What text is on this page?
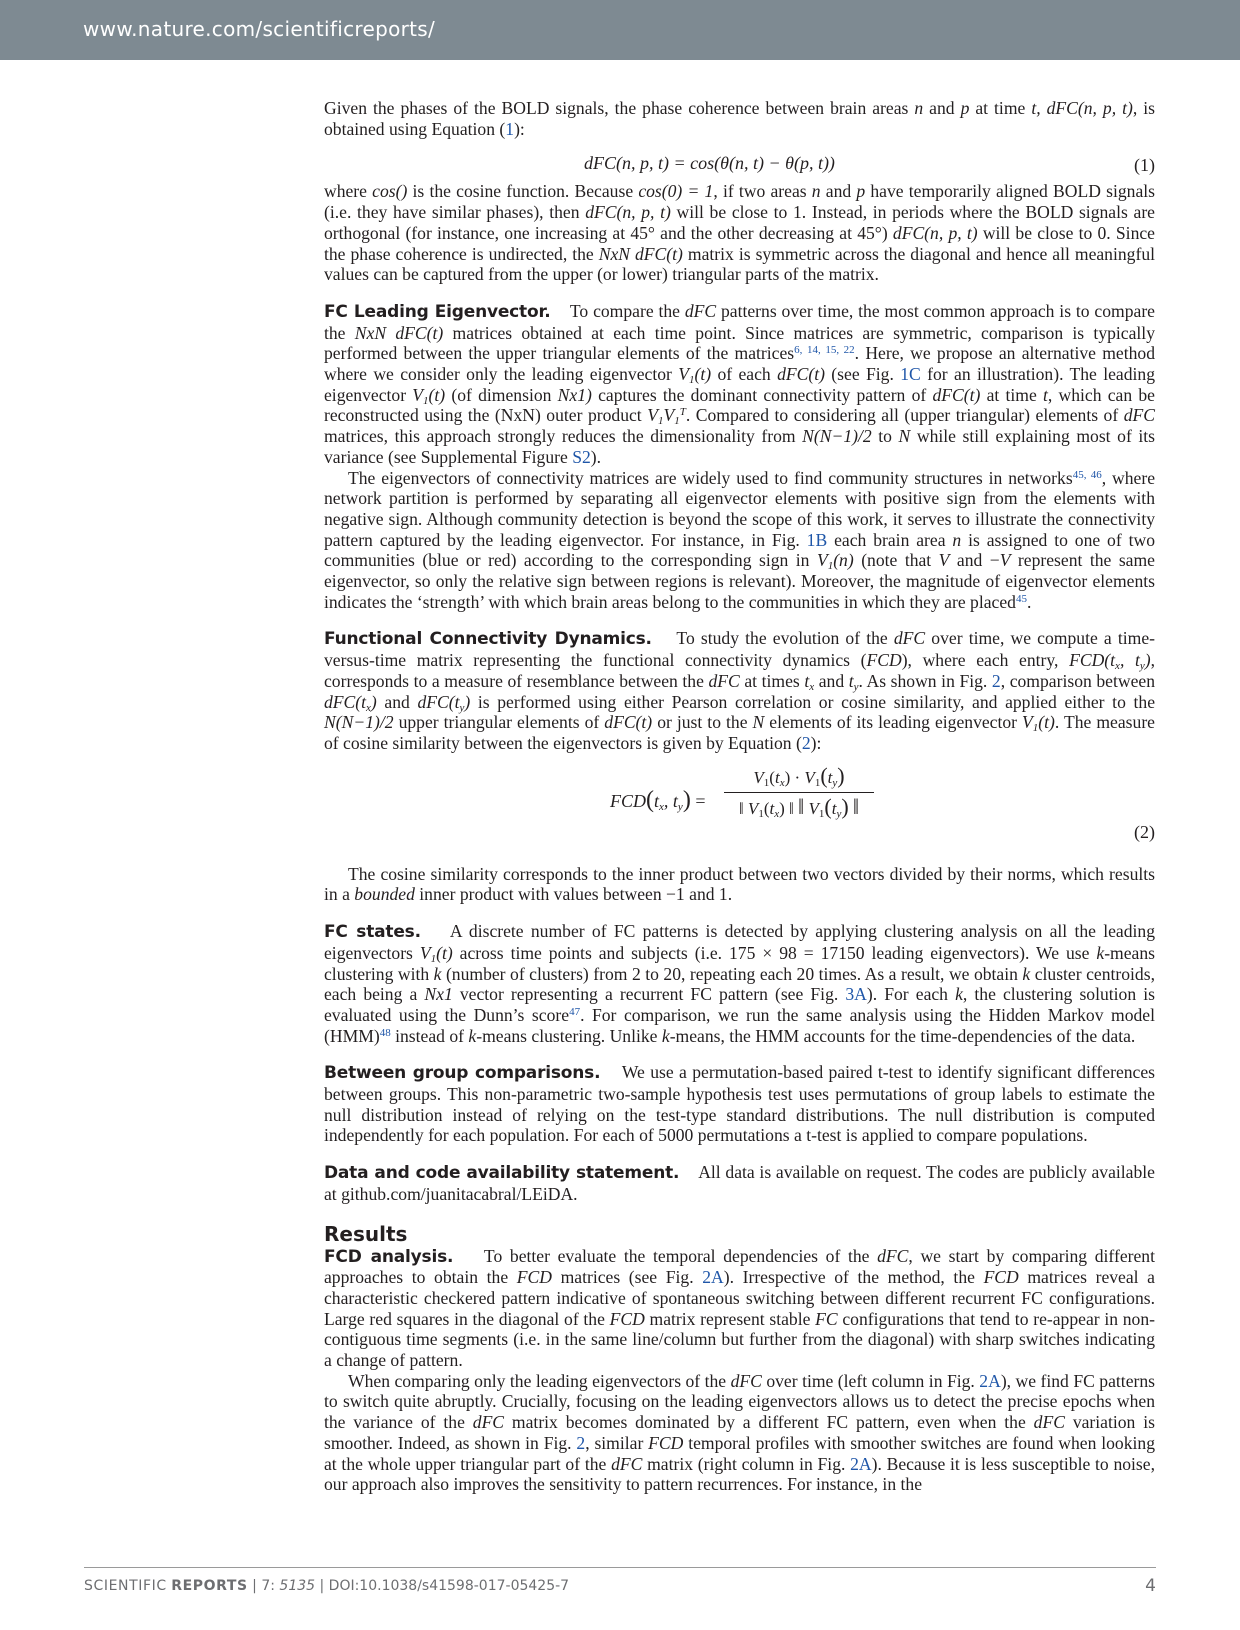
www.nature.com/scientificreports/

Given the phases of the BOLD signals, the phase coherence between brain areas n and p at time t, dFC(n, p, t), is obtained using Equation (1):

dFC(n, p, t) = cos(θ(n, t) − θ(p, t))	(1)

where cos() is the cosine function. Because cos(0) = 1, if two areas n and p have temporarily aligned BOLD signals (i.e. they have similar phases), then dFC(n, p, t) will be close to 1. Instead, in periods where the BOLD signals are orthogonal (for instance, one increasing at 45° and the other decreasing at 45°) dFC(n, p, t) will be close to 0. Since the phase coherence is undirected, the NxN dFC(t) matrix is symmetric across the diagonal and hence all meaningful values can be captured from the upper (or lower) triangular parts of the matrix.

FC Leading Eigenvector. To compare the dFC patterns over time, the most common approach is to compare the NxN dFC(t) matrices obtained at each time point. Since matrices are symmetric, comparison is typically performed between the upper triangular elements of the matrices$^{6, 14, 15, 22}$. Here, we propose an alternative method where we consider only the leading eigenvector $V_1(t)$ of each dFC(t) (see Fig. 1C for an illustration). The leading eigenvector $V_1(t)$ (of dimension Nx1) captures the dominant connectivity pattern of dFC(t) at time t, which can be reconstructed using the (NxN) outer product $V_1V_1^T$. Compared to considering all (upper triangular) elements of dFC matrices, this approach strongly reduces the dimensionality from N(N−1)/2 to N while still explaining most of its variance (see Supplemental Figure S2).

The eigenvectors of connectivity matrices are widely used to find community structures in networks$^{45, 46}$, where network partition is performed by separating all eigenvector elements with positive sign from the elements with negative sign. Although community detection is beyond the scope of this work, it serves to illustrate the connectivity pattern captured by the leading eigenvector. For instance, in Fig. 1B each brain area n is assigned to one of two communities (blue or red) according to the corresponding sign in $V_1(n)$ (note that V and −V represent the same eigenvector, so only the relative sign between regions is relevant). Moreover, the magnitude of eigenvector elements indicates the ‘strength’ with which brain areas belong to the communities in which they are placed$^{45}$.

Functional Connectivity Dynamics. To study the evolution of the dFC over time, we compute a time-versus-time matrix representing the functional connectivity dynamics (FCD), where each entry, $FCD(t_x$, $t_y$), corresponds to a measure of resemblance between the dFC at times $t_x$ and $t_y$. As shown in Fig. 2, comparison between $dFC(t_x)$ and $dFC(t_y)$ is performed using either Pearson correlation or cosine similarity, and applied either to the N(N−1)/2 upper triangular elements of dFC(t) or just to the N elements of its leading eigenvector $V_1(t)$. The measure of cosine similarity between the eigenvectors is given by Equation (2):

$FCD(t_x$, $t_y) = \frac{V_1(t_x) \cdot V_1(t_y)}{‖ V_1(t_x) ‖ ‖ V_1(t_y) ‖}$
(2)

The cosine similarity corresponds to the inner product between two vectors divided by their norms, which results in a bounded inner product with values between −1 and 1.

FC states. A discrete number of FC patterns is detected by applying clustering analysis on all the leading eigenvectors $V_1(t)$ across time points and subjects (i.e. 175 × 98 = 17150 leading eigenvectors). We use k-means clustering with k (number of clusters) from 2 to 20, repeating each 20 times. As a result, we obtain k cluster centroids, each being a Nx1 vector representing a recurrent FC pattern (see Fig. 3A). For each k, the clustering solution is evaluated using the Dunn’s score$^{47}$. For comparison, we run the same analysis using the Hidden Markov model (HMM)$^{48}$ instead of k-means clustering. Unlike k-means, the HMM accounts for the time-dependencies of the data.

Between group comparisons. We use a permutation-based paired t-test to identify significant differences between groups. This non-parametric two-sample hypothesis test uses permutations of group labels to estimate the null distribution instead of relying on the test-type standard distributions. The null distribution is computed independently for each population. For each of 5000 permutations a t-test is applied to compare populations.

Data and code availability statement. All data is available on request. The codes are publicly available at github.com/juanitacabral/LEiDA.

Results

FCD analysis. To better evaluate the temporal dependencies of the dFC, we start by comparing different approaches to obtain the FCD matrices (see Fig. 2A). Irrespective of the method, the FCD matrices reveal a characteristic checkered pattern indicative of spontaneous switching between different recurrent FC configurations. Large red squares in the diagonal of the FCD matrix represent stable FC configurations that tend to re-appear in non-contiguous time segments (i.e. in the same line/column but further from the diagonal) with sharp switches indicating a change of pattern.

When comparing only the leading eigenvectors of the dFC over time (left column in Fig. 2A), we find FC patterns to switch quite abruptly. Crucially, focusing on the leading eigenvectors allows us to detect the precise epochs when the variance of the dFC matrix becomes dominated by a different FC pattern, even when the dFC variation is smoother. Indeed, as shown in Fig. 2, similar FCD temporal profiles with smoother switches are found when looking at the whole upper triangular part of the dFC matrix (right column in Fig. 2A). Because it is less susceptible to noise, our approach also improves the sensitivity to pattern recurrences. For instance, in the

SCIENTIFIC REPORTS | 7: 5135 | DOI:10.1038/s41598-017-05425-7	4
